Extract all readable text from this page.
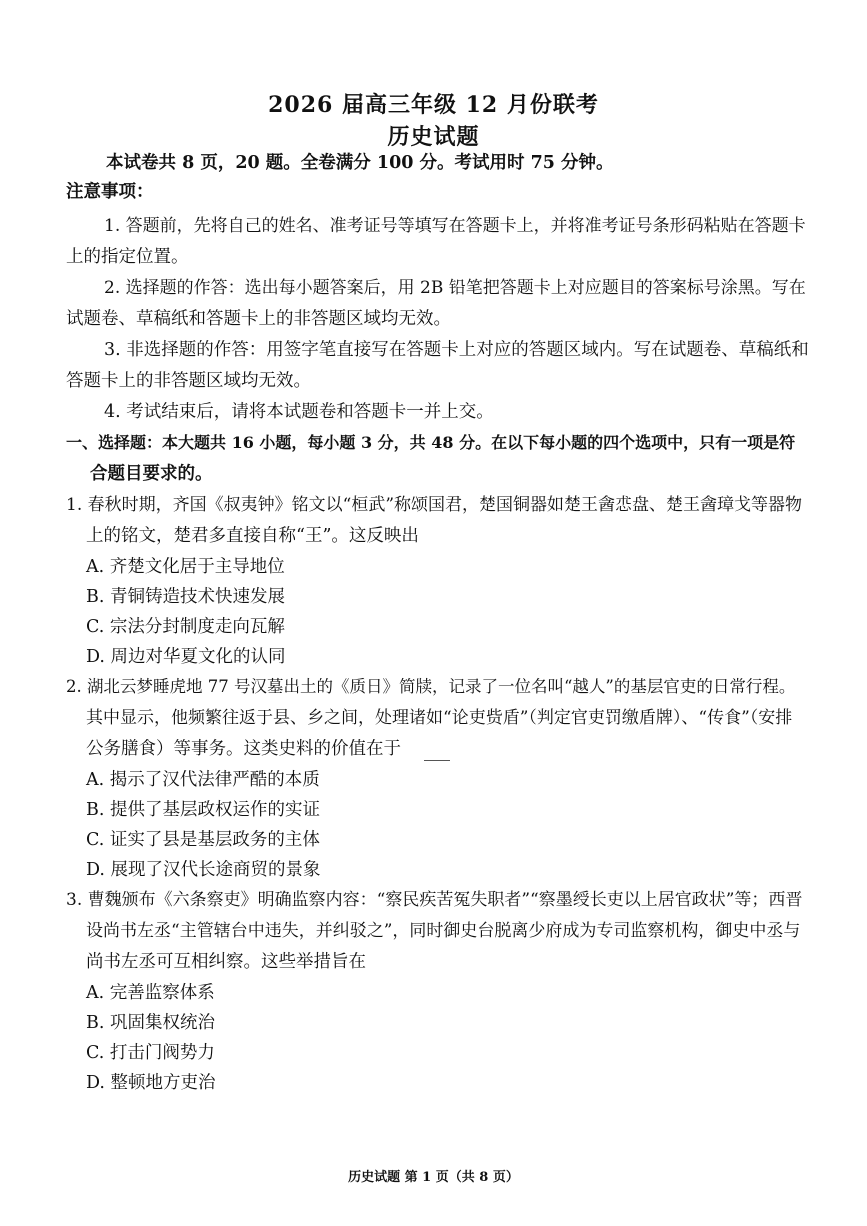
2026 届高三年级 12 月份联考
历史试题
本试卷共 8 页，20 题。全卷满分 100 分。考试用时 75 分钟。
注意事项：
1. 答题前，先将自己的姓名、准考证号等填写在答题卡上，并将准考证号条形码粘贴在答题卡
上的指定位置。
2. 选择题的作答：选出每小题答案后，用 2B 铅笔把答题卡上对应题目的答案标号涂黑。写在
试题卷、草稿纸和答题卡上的非答题区域均无效。
3. 非选择题的作答：用签字笔直接写在答题卡上对应的答题区域内。写在试题卷、草稿纸和
答题卡上的非答题区域均无效。
4. 考试结束后，请将本试题卷和答题卡一并上交。
一、选择题：本大题共 16 小题，每小题 3 分，共 48 分。在以下每小题的四个选项中，只有一项是符
合题目要求的。
1. 春秋时期，齐国《叔夷钟》铭文以“桓武”称颂国君，楚国铜器如楚王酓怷盘、楚王酓璋戈等器物
上的铭文，楚君多直接自称“王”。这反映出
A. 齐楚文化居于主导地位
B. 青铜铸造技术快速发展
C. 宗法分封制度走向瓦解
D. 周边对华夏文化的认同
2. 湖北云梦睡虎地 77 号汉墓出土的《质日》简牍，记录了一位名叫“越人”的基层官吏的日常行程。
其中显示，他频繁往返于县、乡之间，处理诸如“论吏赀盾”（判定官吏罚缴盾牌）、“传食”（安排
公务膳食）等事务。这类史料的价值在于
A. 揭示了汉代法律严酷的本质
B. 提供了基层政权运作的实证
C. 证实了县是基层政务的主体
D. 展现了汉代长途商贸的景象
3. 曹魏颁布《六条察吏》明确监察内容：“察民疾苦冤失职者”“察墨绶长吏以上居官政状”等；西晋
设尚书左丞“主管辖台中违失，并纠驳之”，同时御史台脱离少府成为专司监察机构，御史中丞与
尚书左丞可互相纠察。这些举措旨在
A. 完善监察体系
B. 巩固集权统治
C. 打击门阀势力
D. 整顿地方吏治
历史试题 第 1 页（共 8 页）
